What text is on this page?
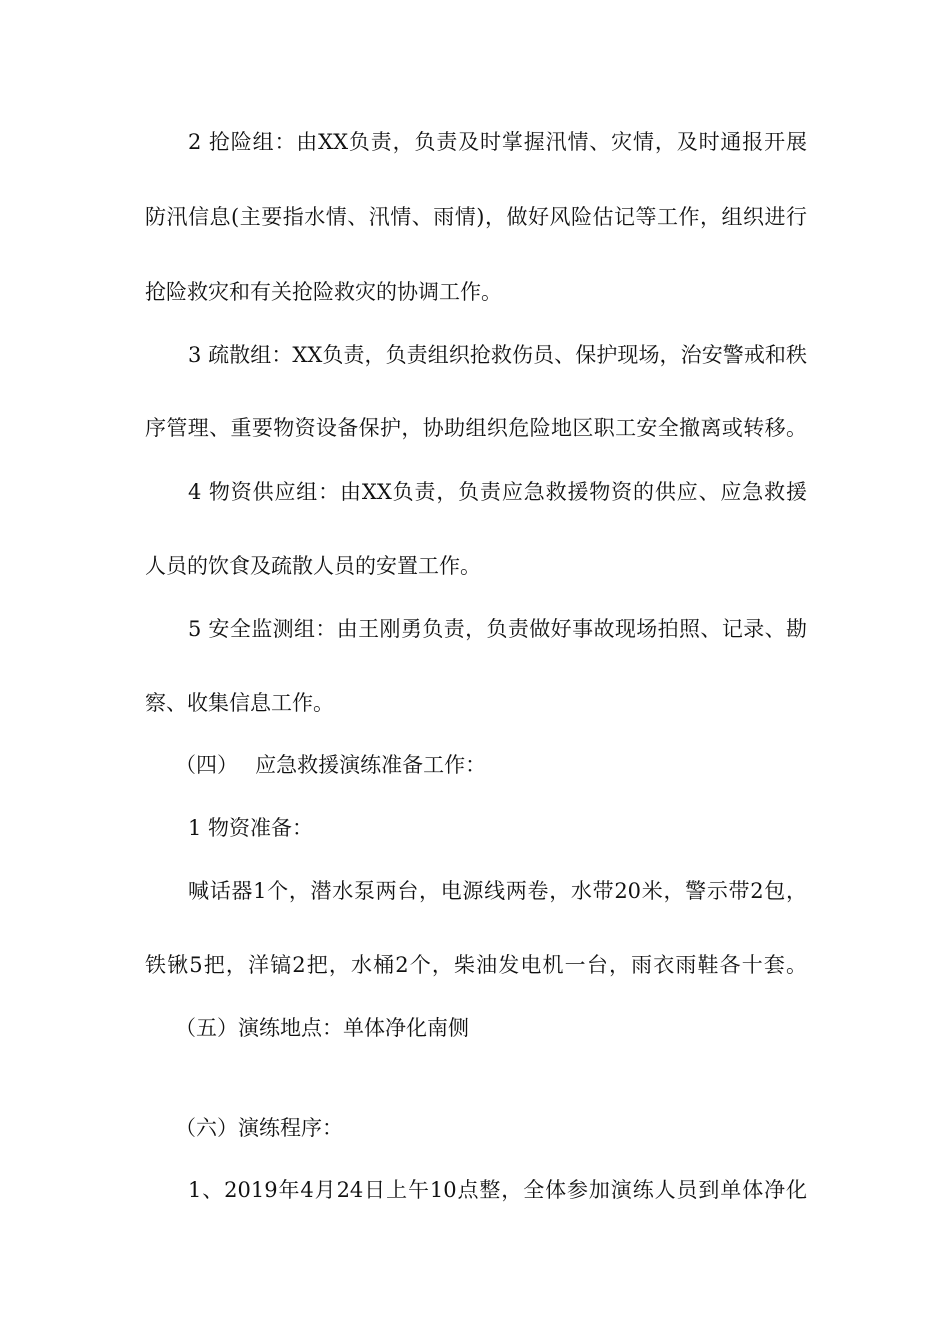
2 抢险组：由XX负责，负责及时掌握汛情、灾情，及时通报开展
防汛信息(主要指水情、汛情、雨情)，做好风险估记等工作，组织进行
抢险救灾和有关抢险救灾的协调工作。
3 疏散组：XX负责，负责组织抢救伤员、保护现场，治安警戒和秩
序管理、重要物资设备保护，协助组织危险地区职工安全撤离或转移。
4 物资供应组：由XX负责，负责应急救援物资的供应、应急救援
人员的饮食及疏散人员的安置工作。
5 安全监测组：由王刚勇负责，负责做好事故现场拍照、记录、勘
察、收集信息工作。
（四）　 应急救援演练准备工作：
1 物资准备：
喊话器1个，潜水泵两台，电源线两卷，水带20米，警示带2包，
铁锹5把，洋镐2把，水桶2个，柴油发电机一台，雨衣雨鞋各十套。
（五）演练地点：单体净化南侧
（六）演练程序：
1、2019年4月24日上午10点整，全体参加演练人员到单体净化
